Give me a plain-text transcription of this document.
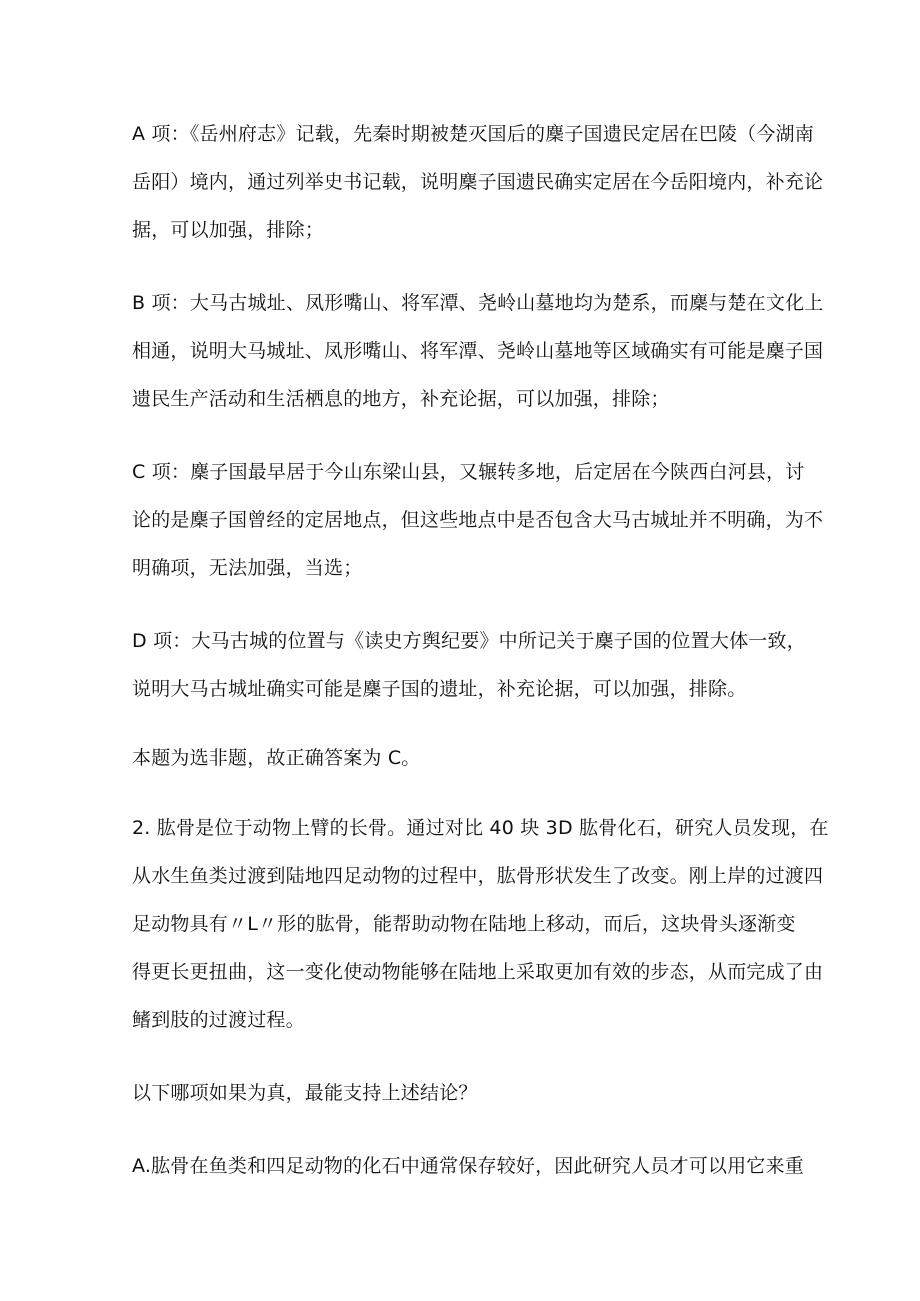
A 项：《岳州府志》记载，先秦时期被楚灭国后的麇子国遗民定居在巴陵（今湖南
岳阳）境内，通过列举史书记载，说明麇子国遗民确实定居在今岳阳境内，补充论
据，可以加强，排除；
B 项：大马古城址、凤形嘴山、将军潭、尧岭山墓地均为楚系，而麇与楚在文化上
相通，说明大马城址、凤形嘴山、将军潭、尧岭山墓地等区域确实有可能是麇子国
遗民生产活动和生活栖息的地方，补充论据，可以加强，排除；
C 项：麇子国最早居于今山东梁山县，又辗转多地，后定居在今陕西白河县，讨
论的是麇子国曾经的定居地点，但这些地点中是否包含大马古城址并不明确，为不
明确项，无法加强，当选；
D 项：大马古城的位置与《读史方舆纪要》中所记关于麇子国的位置大体一致，
说明大马古城址确实可能是麇子国的遗址，补充论据，可以加强，排除。
本题为选非题，故正确答案为 C。
2. 肱骨是位于动物上臂的长骨。通过对比 40 块 3D 肱骨化石，研究人员发现，在
从水生鱼类过渡到陆地四足动物的过程中，肱骨形状发生了改变。刚上岸的过渡四
足动物具有〃L〃形的肱骨，能帮助动物在陆地上移动，而后，这块骨头逐渐变
得更长更扭曲，这一变化使动物能够在陆地上采取更加有效的步态，从而完成了由
鳍到肢的过渡过程。
以下哪项如果为真，最能支持上述结论？
A.肱骨在鱼类和四足动物的化石中通常保存较好，因此研究人员才可以用它来重
